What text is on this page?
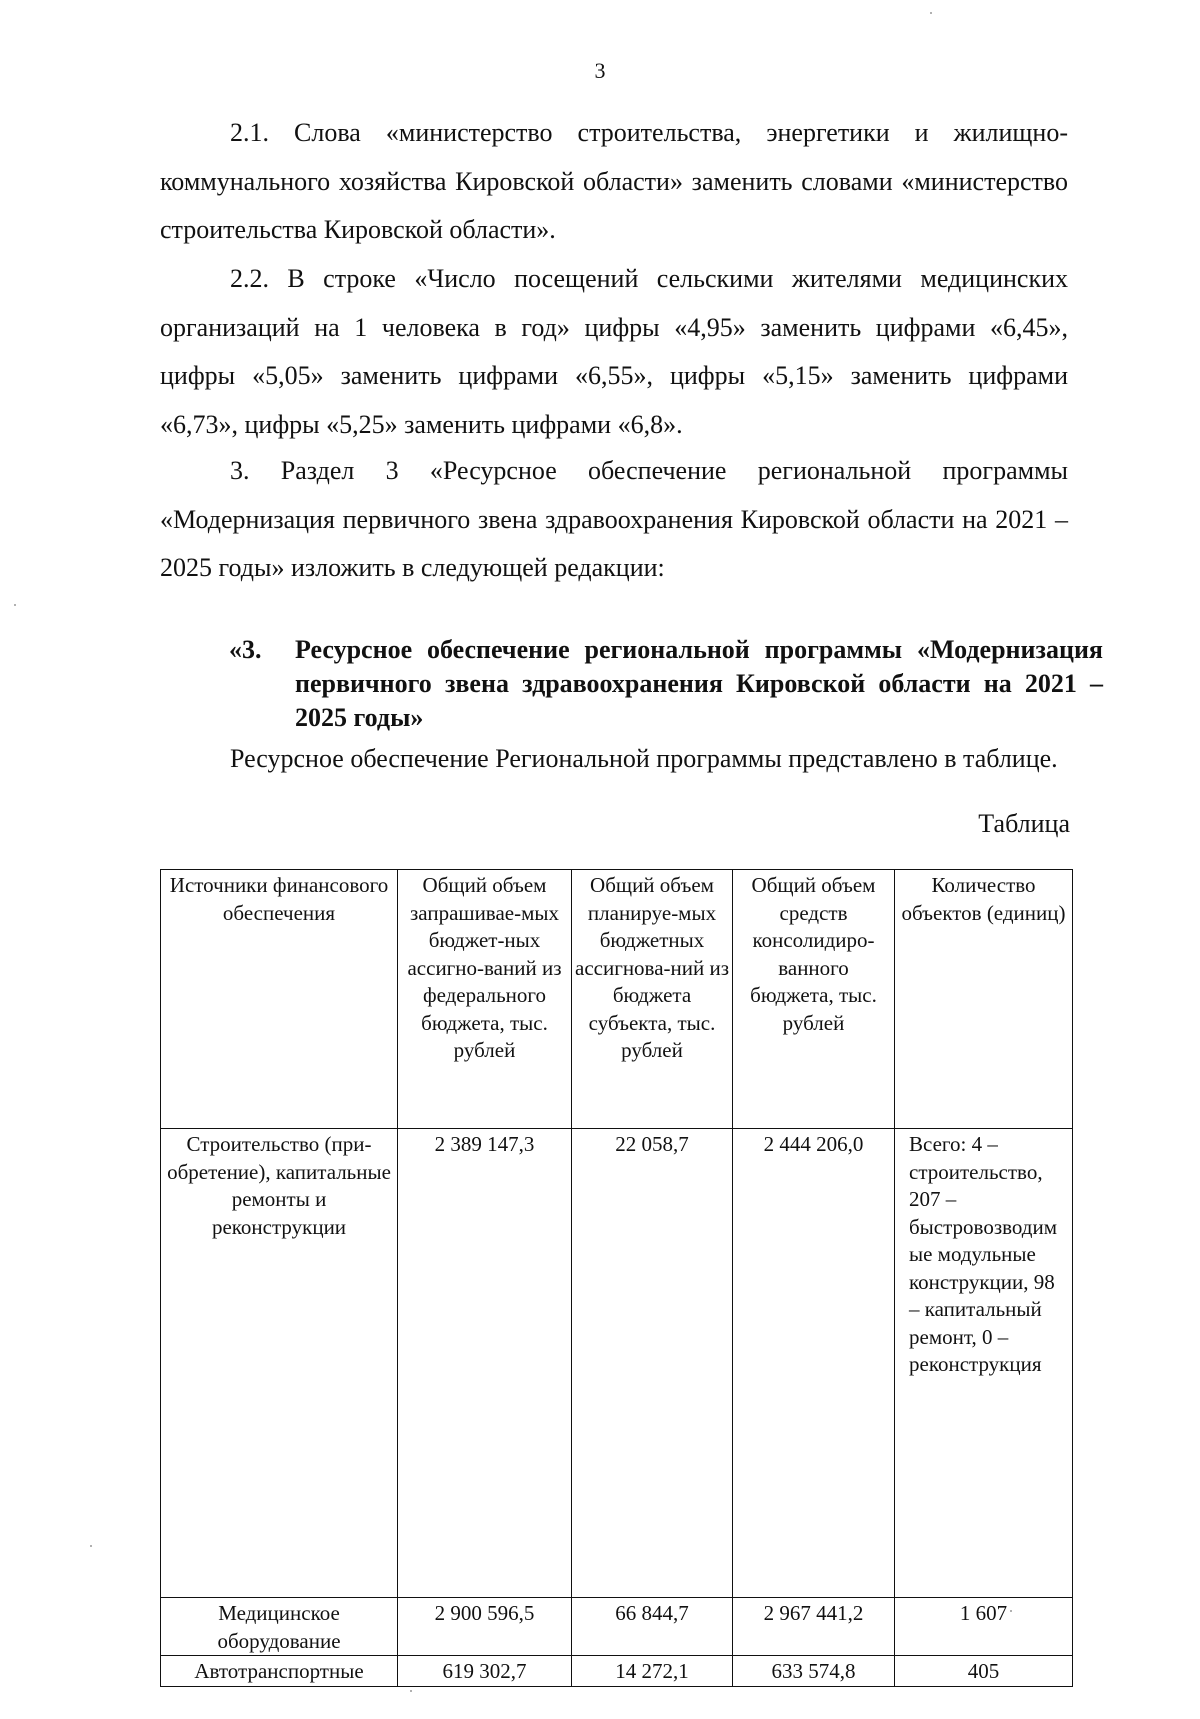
3

2.1. Слова «министерство строительства, энергетики и жилищно-коммунального хозяйства Кировской области» заменить словами «министерство строительства Кировской области».

2.2. В строке «Число посещений сельскими жителями медицинских организаций на 1 человека в год» цифры «4,95» заменить цифрами «6,45», цифры «5,05» заменить цифрами «6,55», цифры «5,15» заменить цифрами «6,73», цифры «5,25» заменить цифрами «6,8».

3. Раздел 3 «Ресурсное обеспечение региональной программы «Модернизация первичного звена здравоохранения Кировской области на 2021 – 2025 годы» изложить в следующей редакции:

«3. Ресурсное обеспечение региональной программы «Модернизация первичного звена здравоохранения Кировской области на 2021 – 2025 годы»

Ресурсное обеспечение Региональной программы представлено в таблице.

Таблица
Источники финансового обеспечения	Общий объем запрашивае-мых бюджет-ных ассигно-ваний из федерального бюджета, тыс. рублей	Общий объем планируе-мых бюджетных ассигнова-ний из бюджета субъекта, тыс. рублей	Общий объем средств консолидиро-ванного бюджета, тыс. рублей	Количество объектов (единиц)
Строительство (при-обретение), капитальные ремонты и реконструкции	2 389 147,3	22 058,7	2 444 206,0	Всего: 4 – строительство, 207 – быстровозводимые модульные конструкции, 98 – капитальный ремонт, 0 – реконструкция
Медицинское оборудование	2 900 596,5	66 844,7	2 967 441,2	1 607
Автотранспортные	619 302,7	14 272,1	633 574,8	405
